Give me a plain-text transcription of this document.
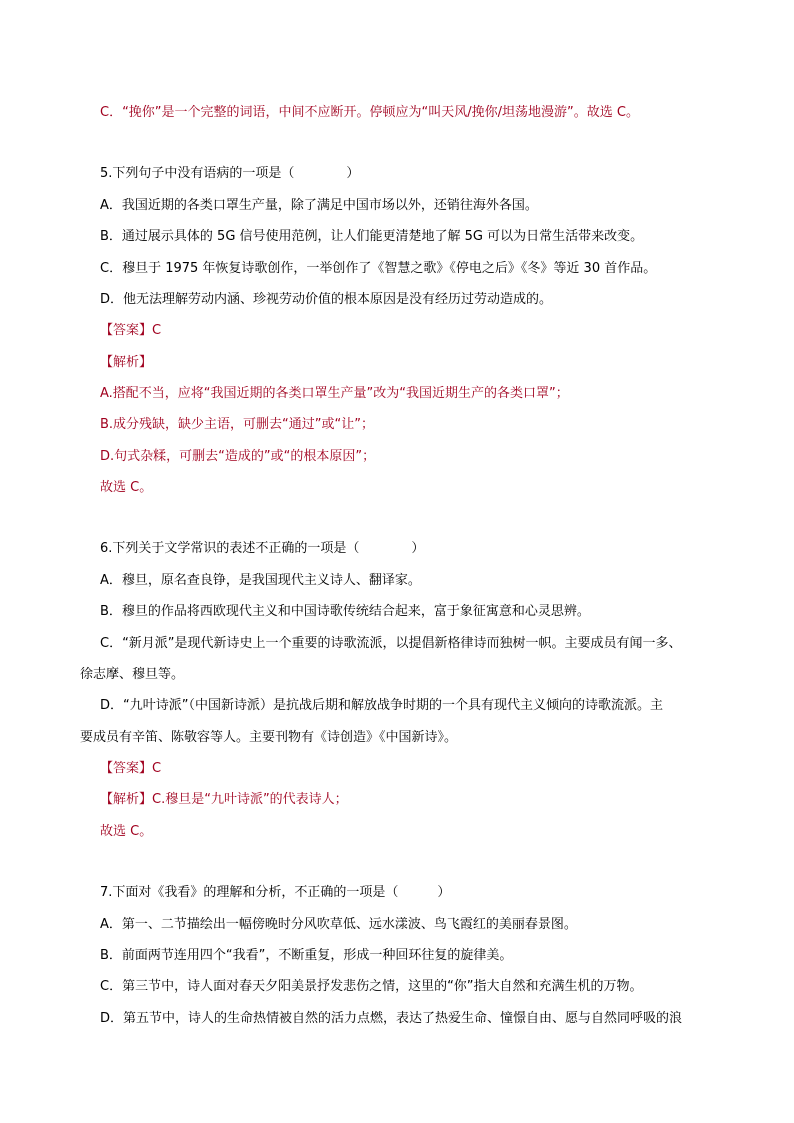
C．“挽你”是一个完整的词语，中间不应断开。停顿应为“叫天风/挽你/坦荡地漫游”。故选 C。
5.下列句子中没有语病的一项是（　　　　）
A．我国近期的各类口罩生产量，除了满足中国市场以外，还销往海外各国。
B．通过展示具体的 5G 信号使用范例，让人们能更清楚地了解 5G 可以为日常生活带来改变。
C．穆旦于 1975 年恢复诗歌创作，一举创作了《智慧之歌》《停电之后》《冬》等近 30 首作品。
D．他无法理解劳动内涵、珍视劳动价值的根本原因是没有经历过劳动造成的。
【答案】C
【解析】
A.搭配不当，应将“我国近期的各类口罩生产量”改为“我国近期生产的各类口罩”；
B.成分残缺，缺少主语，可删去“通过”或“让”；
D.句式杂糅，可删去“造成的”或“的根本原因”；
故选 C。
6.下列关于文学常识的表述不正确的一项是（　　　　）
A．穆旦，原名查良铮，是我国现代主义诗人、翻译家。
B．穆旦的作品将西欧现代主义和中国诗歌传统结合起来，富于象征寓意和心灵思辨。
C．“新月派”是现代新诗史上一个重要的诗歌流派，以提倡新格律诗而独树一帜。主要成员有闻一多、
徐志摩、穆旦等。
D．“九叶诗派”（中国新诗派）是抗战后期和解放战争时期的一个具有现代主义倾向的诗歌流派。主
要成员有辛笛、陈敬容等人。主要刊物有《诗创造》《中国新诗》。
【答案】C
【解析】C.穆旦是“九叶诗派”的代表诗人；
故选 C。
7.下面对《我看》的理解和分析，不正确的一项是（　　　）
A．第一、二节描绘出一幅傍晚时分风吹草低、远水漾波、鸟飞霞红的美丽春景图。
B．前面两节连用四个“我看”，不断重复，形成一种回环往复的旋律美。
C．第三节中，诗人面对春天夕阳美景抒发悲伤之情，这里的“你”指大自然和充满生机的万物。
D．第五节中，诗人的生命热情被自然的活力点燃，表达了热爱生命、憧憬自由、愿与自然同呼吸的浪
